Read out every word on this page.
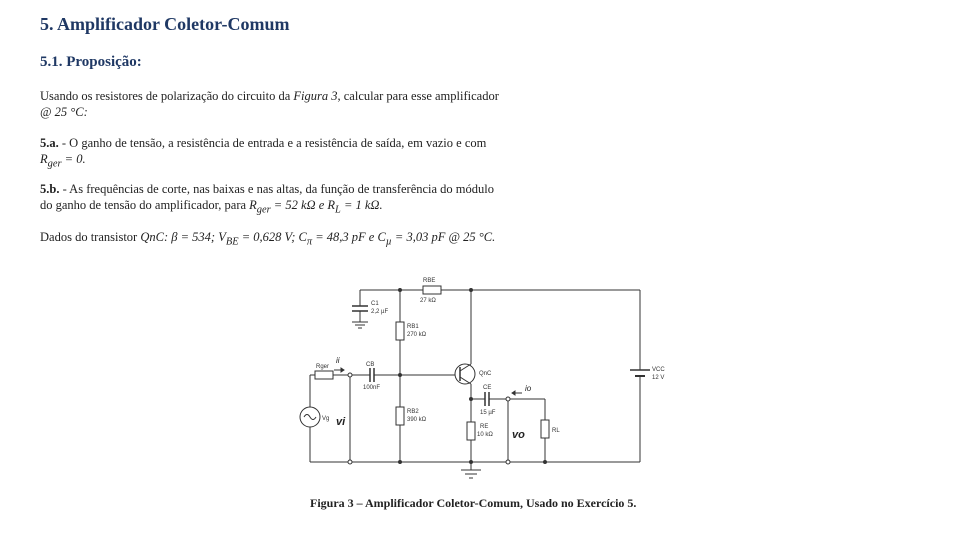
5. Amplificador Coletor-Comum
5.1. Proposição:
Usando os resistores de polarização do circuito da Figura 3, calcular para esse amplificador
@ 25 °C:
5.a. - O ganho de tensão, a resistência de entrada e a resistência de saída, em vazio e com
$R_{ger} = 0$.
5.b. - As frequências de corte, nas baixas e nas altas, da função de transferência do módulo
do ganho de tensão do amplificador, para $R_{ger} = 52$ kΩ e $R_L = 1$ kΩ.
Dados do transistor QnC: β = 534; $V_{BE} = 0,628$ V; $C_\pi = 48,3$ pF e $C_\mu = 3,03$ pF @ 25 °C.
C1
2,2 µF
RB1
270 kΩ
RBE
27 kΩ
RB2
390 kΩ
CB
100nF
QnC
CE
15 µF
RE
10 kΩ
RL
VCC
12 V
Vg
Rger
ii
vi
io
vo
Figura 3 – Amplificador Coletor-Comum, Usado no Exercício 5.
